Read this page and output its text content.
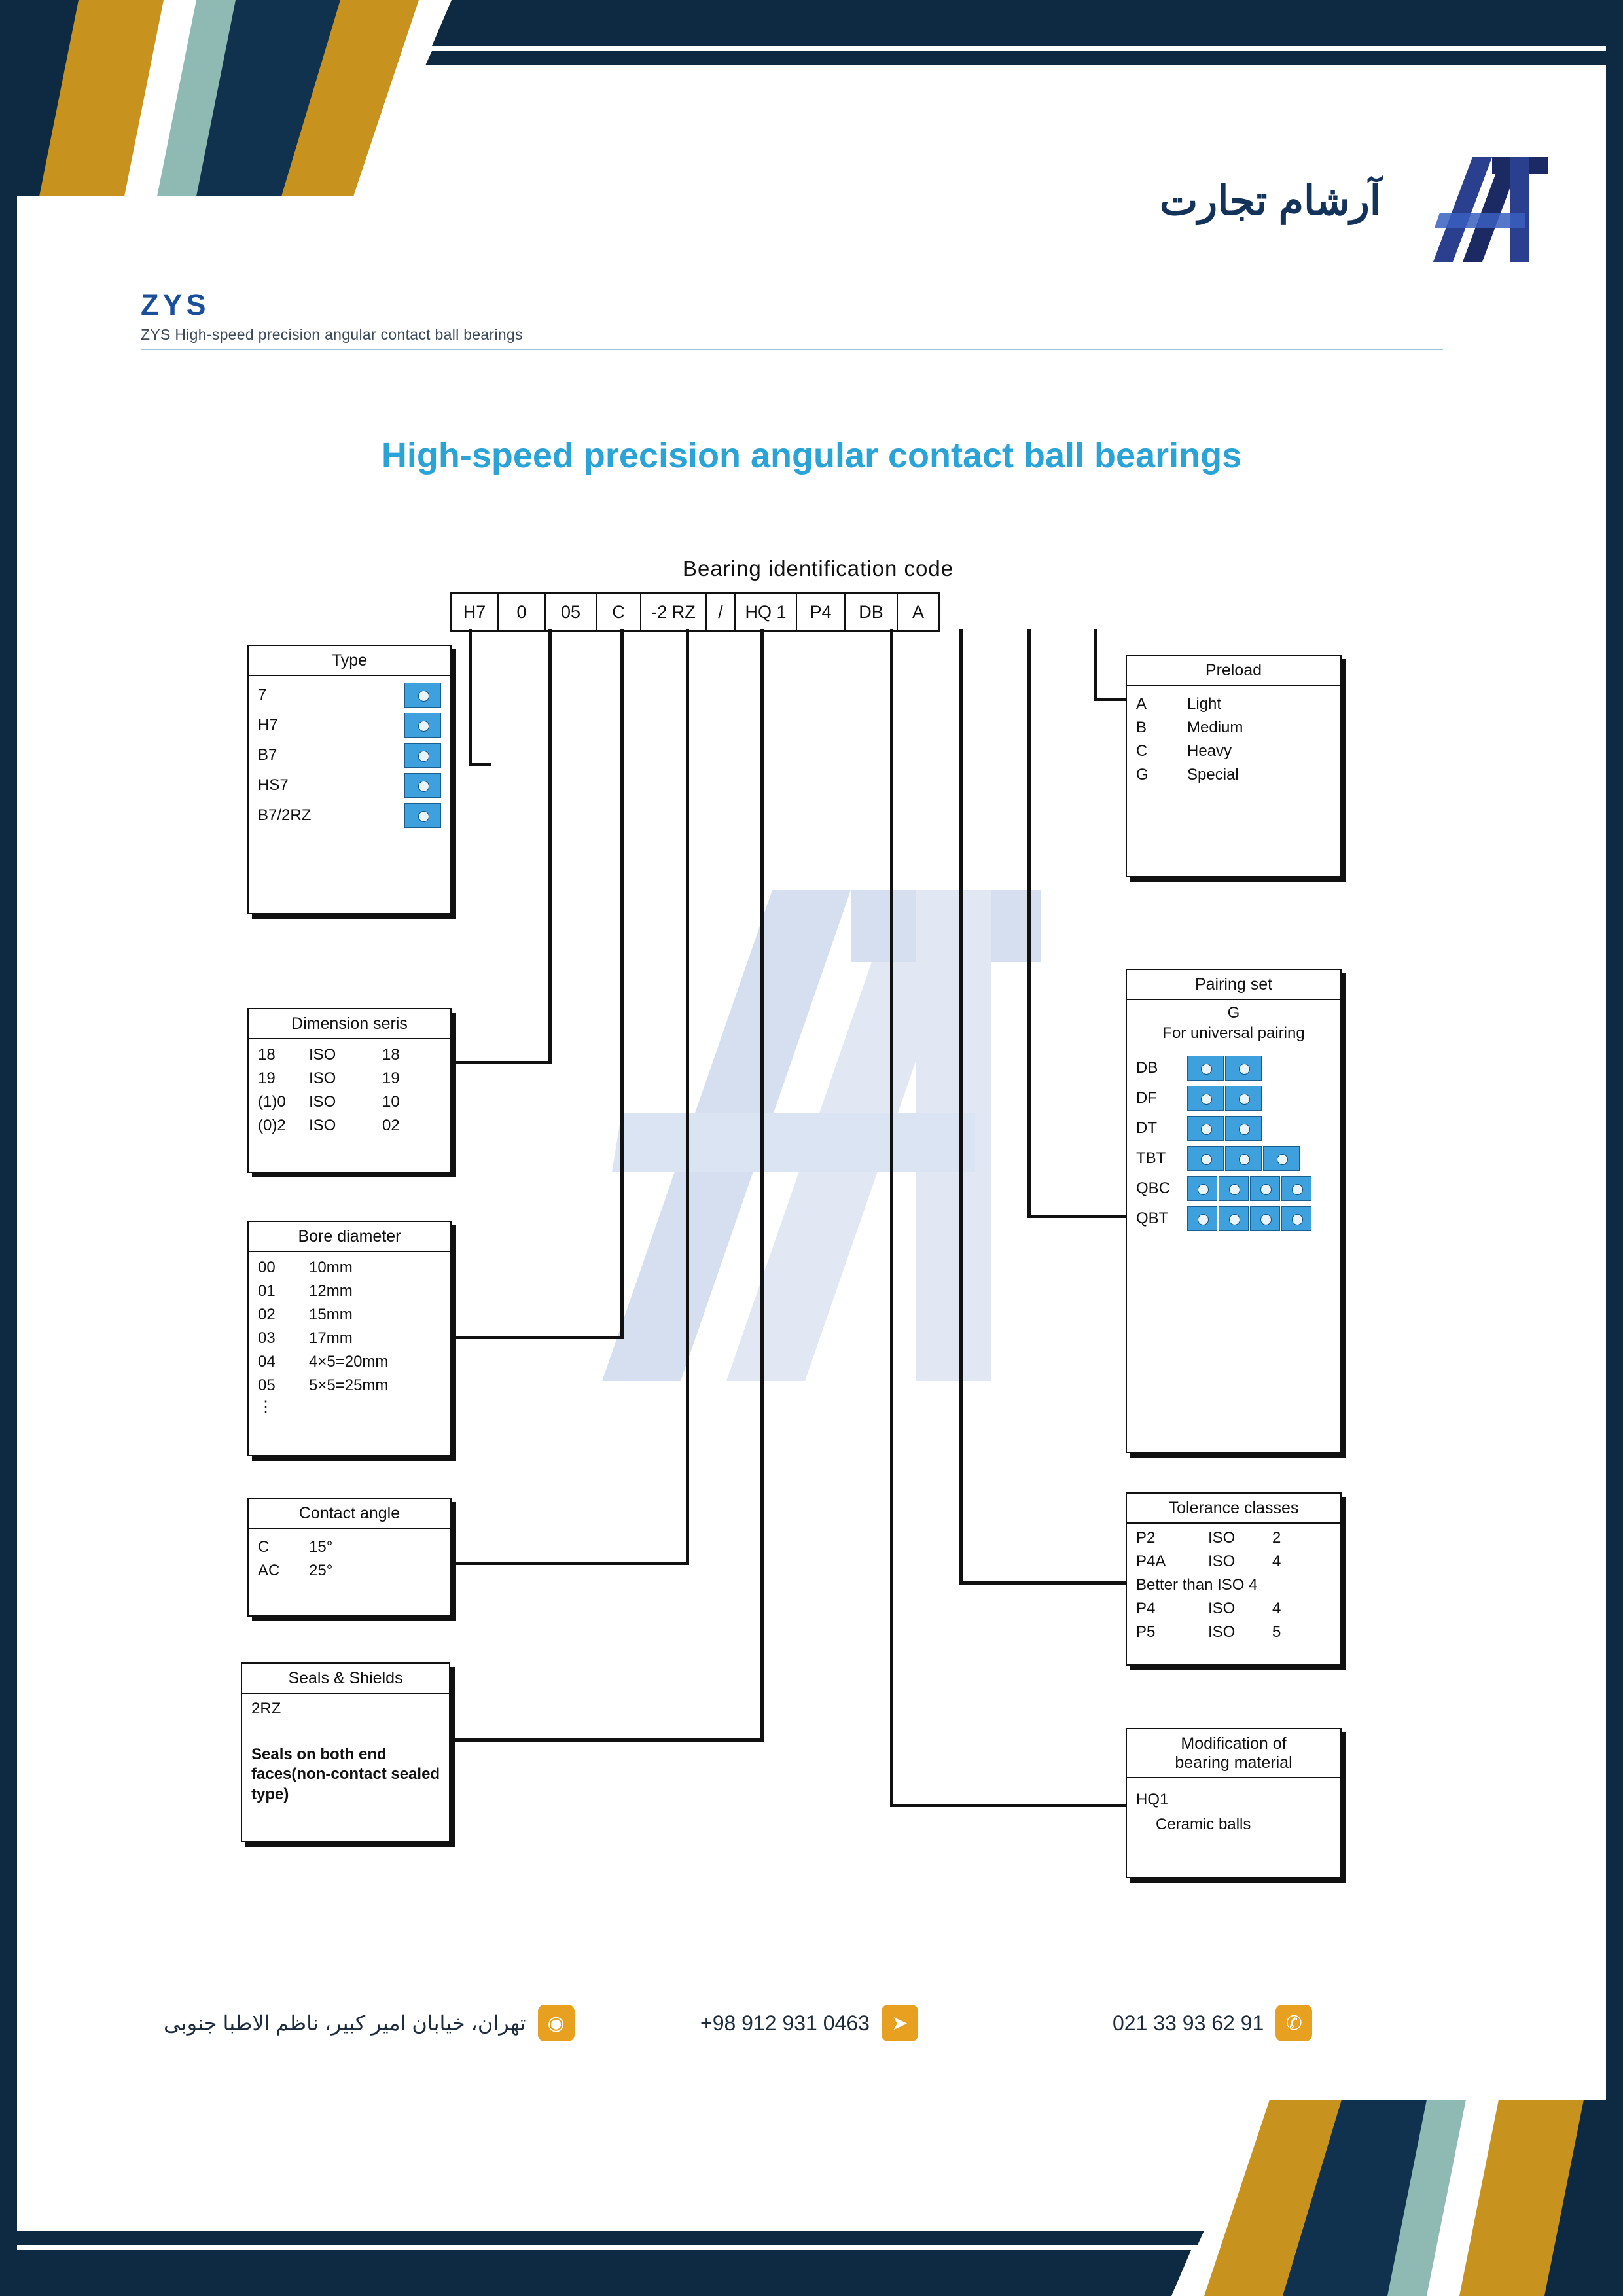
آرشام تجارت
ZYS
ZYS High-speed precision angular contact ball bearings
High-speed precision angular contact ball bearings
Bearing identification code
H7	0	05	C	-2 RZ	/	HQ 1	P4	DB	A
Type
7
H7
B7
HS7
B7/2RZ
Dimension seris
18	ISO	18
19	ISO	19
(1)0	ISO	10
(0)2	ISO	02
Bore diameter
00	10mm
01	12mm
02	15mm
03	17mm
04	4×5=20mm
05	5×5=25mm
⋮
Contact angle
C	15°
AC	25°
Seals & Shields
2RZ
Seals on both end faces(non-contact sealed type)
Preload
A	Light
B	Medium
C	Heavy
G	Special
Pairing set
G
For universal pairing
DB
DF
DT
TBT
QBC
QBT
Tolerance classes
P2	ISO	2
P4A	ISO	4
Better than ISO 4
P4	ISO	4
P5	ISO	5
Modification of
bearing material
HQ1
Ceramic balls
تهران، خیابان امیر کبیر، ناظم الاطبا جنوبی	◉	+98 912 931 0463	➤	021 33 93 62 91	✆
